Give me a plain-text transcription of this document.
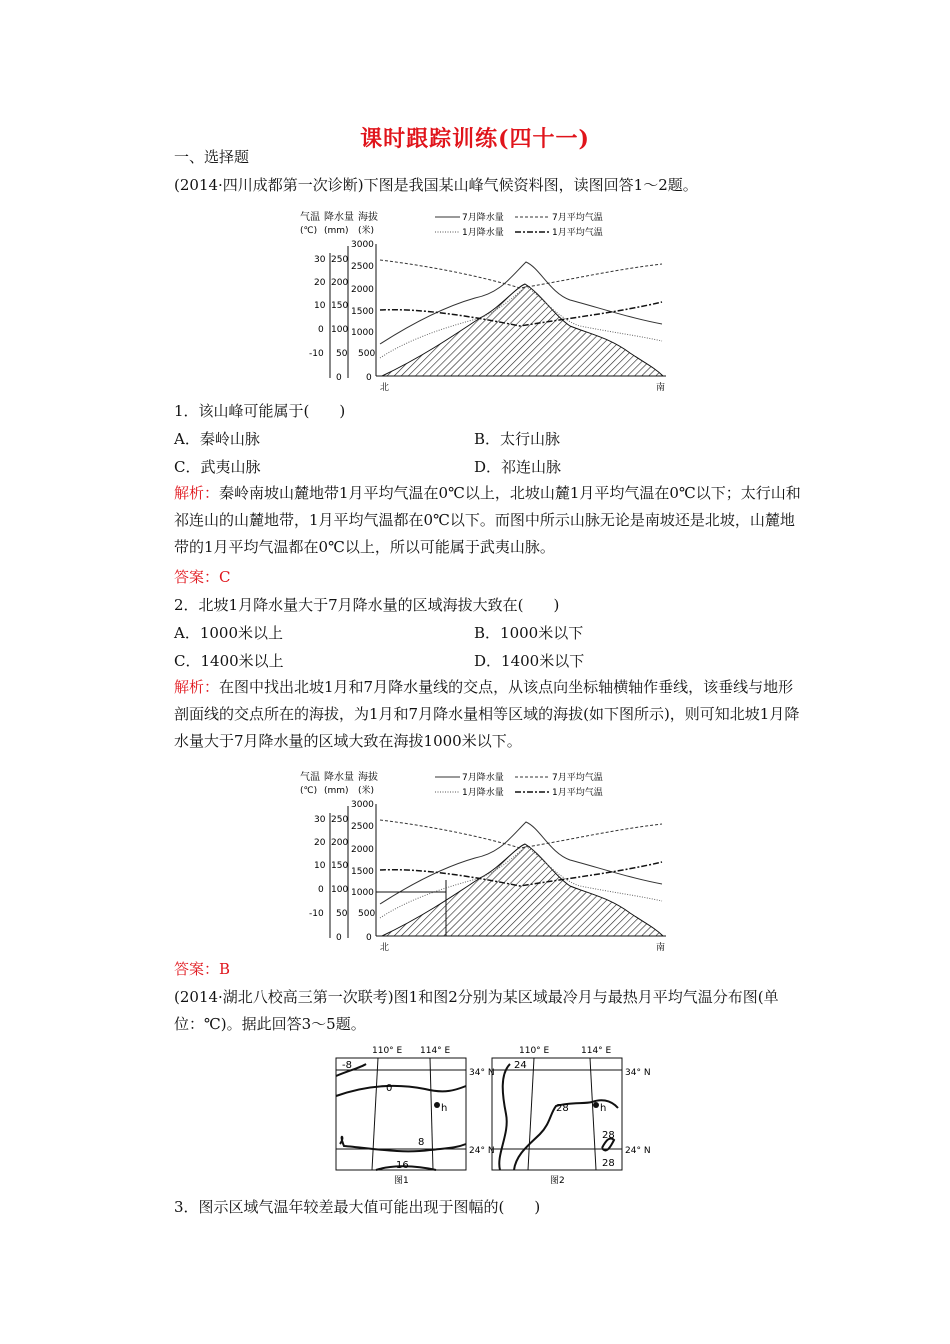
课时跟踪训练(四十一)
一、选择题
(2014·四川成都第一次诊断)下图是我国某山峰气候资料图，读图回答1～2题。
气温 降水量 海拔
(℃) (mm) (米)
7月降水量	7月平均气温
1月降水量	1月平均气温
30
20
10
0
-10
250
200
150
100
50
0
3000
2500
2000
1500
1000
500
0
北	南
1．该山峰可能属于(　　)
A．秦岭山脉	B．太行山脉
C．武夷山脉	D．祁连山脉
解析：秦岭南坡山麓地带1月平均气温在0℃以上，北坡山麓1月平均气温在0℃以下；太行山和祁连山的山麓地带，1月平均气温都在0℃以下。而图中所示山脉无论是南坡还是北坡，山麓地带的1月平均气温都在0℃以上，所以可能属于武夷山脉。
答案：C
2．北坡1月降水量大于7月降水量的区域海拔大致在(　　)
A．1000米以上	B．1000米以下
C．1400米以上	D．1400米以下
解析：在图中找出北坡1月和7月降水量线的交点，从该点向坐标轴横轴作垂线，该垂线与地形剖面线的交点所在的海拔，为1月和7月降水量相等区域的海拔(如下图所示)，则可知北坡1月降水量大于7月降水量的区域大致在海拔1000米以下。
气温 降水量 海拔
(℃) (mm) (米)
7月降水量	7月平均气温
1月降水量	1月平均气温
30
20
10
0
-10
250
200
150
100
50
0
3000
2500
2000
1500
1000
500
0
北	南
答案：B
(2014·湖北八校高三第一次联考)图1和图2分别为某区域最冷月与最热月平均气温分布图(单位：℃)。据此回答3～5题。
110° E 114° E	110° E	114° E
34° N
24° N
34° N
24° N
-8
0
8
16
h
图1
24
28
28
28
h
图2
3．图示区域气温年较差最大值可能出现于图幅的(　　)
